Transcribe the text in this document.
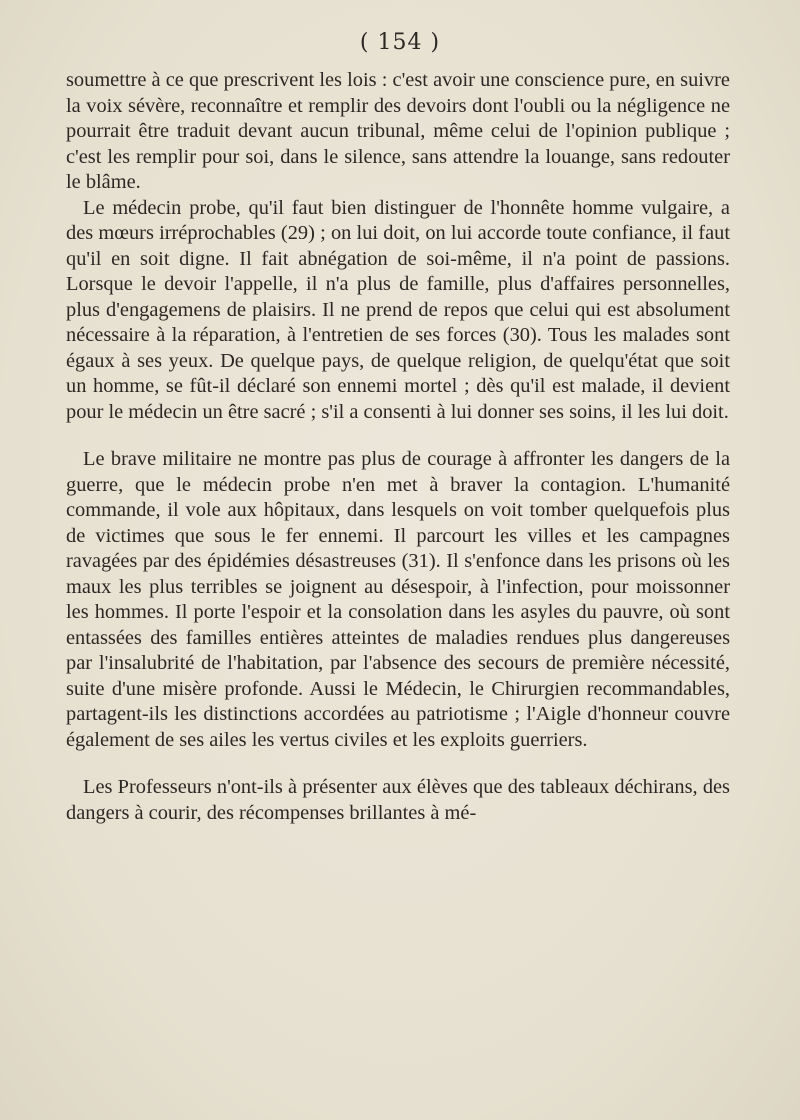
( 154 )

soumettre à ce que prescrivent les lois : c'est avoir une conscience pure, en suivre la voix sévère, reconnaître et remplir des devoirs dont l'oubli ou la négligence ne pourrait être traduit devant aucun tribunal, même celui de l'opinion publique ; c'est les remplir pour soi, dans le silence, sans attendre la louange, sans redouter le blâme.

Le médecin probe, qu'il faut bien distinguer de l'honnête homme vulgaire, a des mœurs irréprochables (29) ; on lui doit, on lui accorde toute confiance, il faut qu'il en soit digne. Il fait abnégation de soi-même, il n'a point de passions. Lorsque le devoir l'appelle, il n'a plus de famille, plus d'affaires personnelles, plus d'engagemens de plaisirs. Il ne prend de repos que celui qui est absolument nécessaire à la réparation, à l'entretien de ses forces (30). Tous les malades sont égaux à ses yeux. De quelque pays, de quelque religion, de quelqu'état que soit un homme, se fût-il déclaré son ennemi mortel ; dès qu'il est malade, il devient pour le médecin un être sacré ; s'il a consenti à lui donner ses soins, il les lui doit.

Le brave militaire ne montre pas plus de courage à affronter les dangers de la guerre, que le médecin probe n'en met à braver la contagion. L'humanité commande, il vole aux hôpitaux, dans lesquels on voit tomber quelquefois plus de victimes que sous le fer ennemi. Il parcourt les villes et les campagnes ravagées par des épidémies désastreuses (31). Il s'enfonce dans les prisons où les maux les plus terribles se joignent au désespoir, à l'infection, pour moissonner les hommes. Il porte l'espoir et la consolation dans les asyles du pauvre, où sont entassées des familles entières atteintes de maladies rendues plus dangereuses par l'insalubrité de l'habitation, par l'absence des secours de première nécessité, suite d'une misère profonde. Aussi le Médecin, le Chirurgien recommandables, partagent-ils les distinctions accordées au patriotisme ; l'Aigle d'honneur couvre également de ses ailes les vertus civiles et les exploits guerriers.

Les Professeurs n'ont-ils à présenter aux élèves que des tableaux déchirans, des dangers à courir, des récompenses brillantes à mé-
